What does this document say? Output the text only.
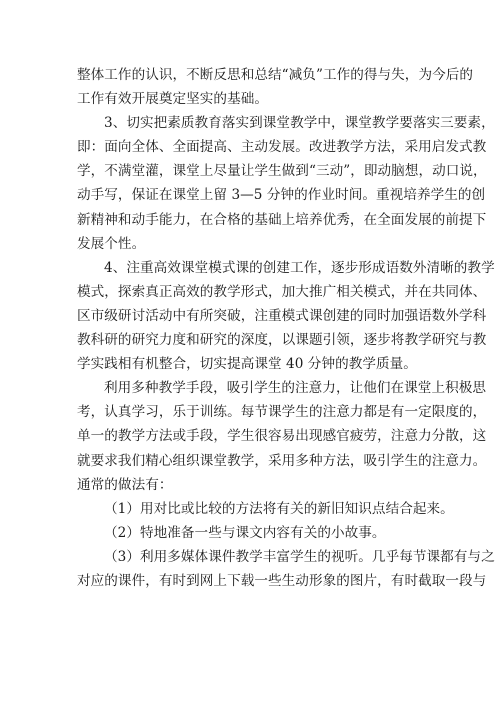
整体工作的认识，不断反思和总结“减负”工作的得与失，为今后的
工作有效开展奠定坚实的基础。
3、切实把素质教育落实到课堂教学中，课堂教学要落实三要素，
即：面向全体、全面提高、主动发展。改进教学方法，采用启发式教
学，不满堂灌，课堂上尽量让学生做到“三动”，即动脑想，动口说，
动手写，保证在课堂上留 3—5 分钟的作业时间。重视培养学生的创
新精神和动手能力，在合格的基础上培养优秀，在全面发展的前提下
发展个性。
4、注重高效课堂模式课的创建工作，逐步形成语数外清晰的教学
模式，探索真正高效的教学形式，加大推广相关模式，并在共同体、
区市级研讨活动中有所突破，注重模式课创建的同时加强语数外学科
教科研的研究力度和研究的深度，以课题引领，逐步将教学研究与教
学实践相有机整合，切实提高课堂 40 分钟的教学质量。
利用多种教学手段，吸引学生的注意力，让他们在课堂上积极思
考，认真学习，乐于训练。每节课学生的注意力都是有一定限度的，
单一的教学方法或手段，学生很容易出现感官疲劳，注意力分散，这
就要求我们精心组织课堂教学，采用多种方法，吸引学生的注意力。
通常的做法有：
（1）用对比或比较的方法将有关的新旧知识点结合起来。
（2）特地准备一些与课文内容有关的小故事。
（3）利用多媒体课件教学丰富学生的视听。几乎每节课都有与之
对应的课件，有时到网上下载一些生动形象的图片，有时截取一段与
